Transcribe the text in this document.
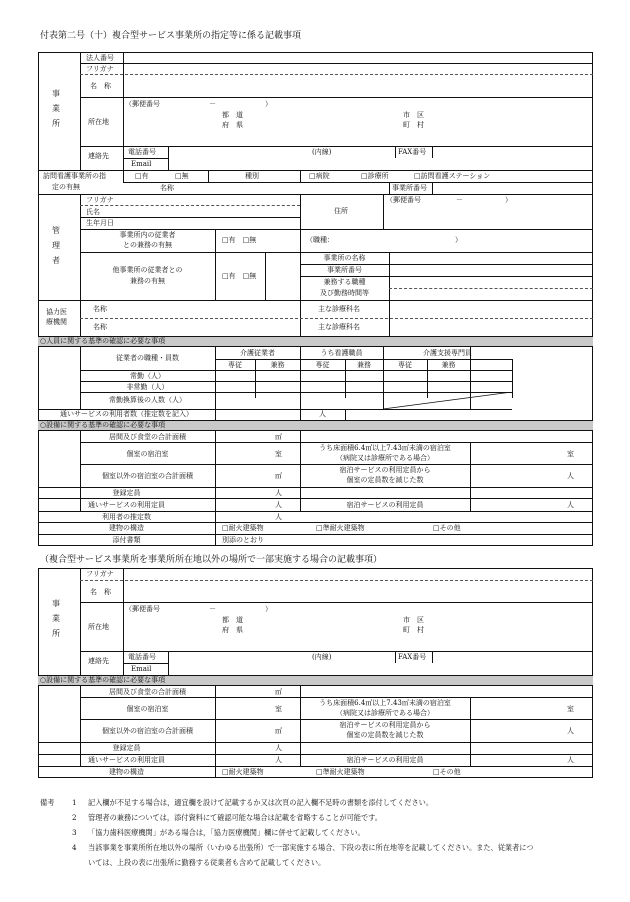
付表第二号（十）複合型サービス事業所の指定等に係る記載事項
事業所
法人番号
フリガナ
名　称
所在地
（郵便番号　　　　　　　－　　　　　　　）
都　道
府　県
市　区
町　村
連絡先	電話番号	(内線)	FAX番号
Email
訪問看護事業所の指
定の有無
□有	□無	種別	□病院	□診療所	□訪問看護ステーション
名称	事業所番号
管理者
フリガナ
氏名
生年月日
住所
（郵便番号　　　　　－　　　　　　）
事業所内の従業者
との兼務の有無
□有　□無	（職種：	）
他事業所の従業者との
兼務の有無
□有　□無
事業所の名称
事業所番号
兼務する職種
及び勤務時間等
協力医
療機関
名称	主な診療科名
名称	主な診療科名
○人員に関する基準の確認に必要な事項
従業者の職種・員数
介護従業者	うち看護職員	介護支援専門員
専従	兼務	専従	兼務	専従	兼務
常勤（人）
非常勤（人）
常勤換算後の人数（人）
通いサービスの利用者数（推定数を記入）	人
○設備に関する基準の確認に必要な事項
居間及び食堂の合計面積	㎡
個室の宿泊室	室
うち床面積6.4㎡以上7.43㎡未満の宿泊室
（病院又は診療所である場合）	室
個室以外の宿泊室の合計面積	㎡
宿泊サービスの利用定員から
個室の定員数を減じた数	人
登録定員	人
通いサービスの利用定員	人	宿泊サービスの利用定員	人
利用者の推定数	人
建物の構造	□耐火建築物	□準耐火建築物	□その他
添付書類	別添のとおり
（複合型サービス事業所を事業所所在地以外の場所で一部実施する場合の記載事項）
事業所
フリガナ
名　称
所在地
（郵便番号　　　　　　　－　　　　　　　）
都　道
府　県
市　区
町　村
連絡先	電話番号	(内線)	FAX番号
Email
○設備に関する基準の確認に必要な事項
居間及び食堂の合計面積	㎡
個室の宿泊室	室
うち床面積6.4㎡以上7.43㎡未満の宿泊室
（病院又は診療所である場合）	室
個室以外の宿泊室の合計面積	㎡
宿泊サービスの利用定員から
個室の定員数を減じた数	人
登録定員	人
通いサービスの利用定員	人	宿泊サービスの利用定員	人
建物の構造	□耐火建築物	□準耐火建築物	□その他
備考 1 記入欄が不足する場合は，適宜欄を設けて記載するか又は次頁の記入欄不足時の書類を添付してください。
2 管理者の兼務については，添付資料にて確認可能な場合は記載を省略することが可能です。
3 「協力歯科医療機関」がある場合は，「協力医療機関」欄に併せて記載してください。
4 当該事業を事業所所在地以外の場所（いわゆる出張所）で一部実施する場合、下段の表に所在地等を記載してください。また、従業者につ
いては、上段の表に出張所に勤務する従業者も含めて記載してください。
